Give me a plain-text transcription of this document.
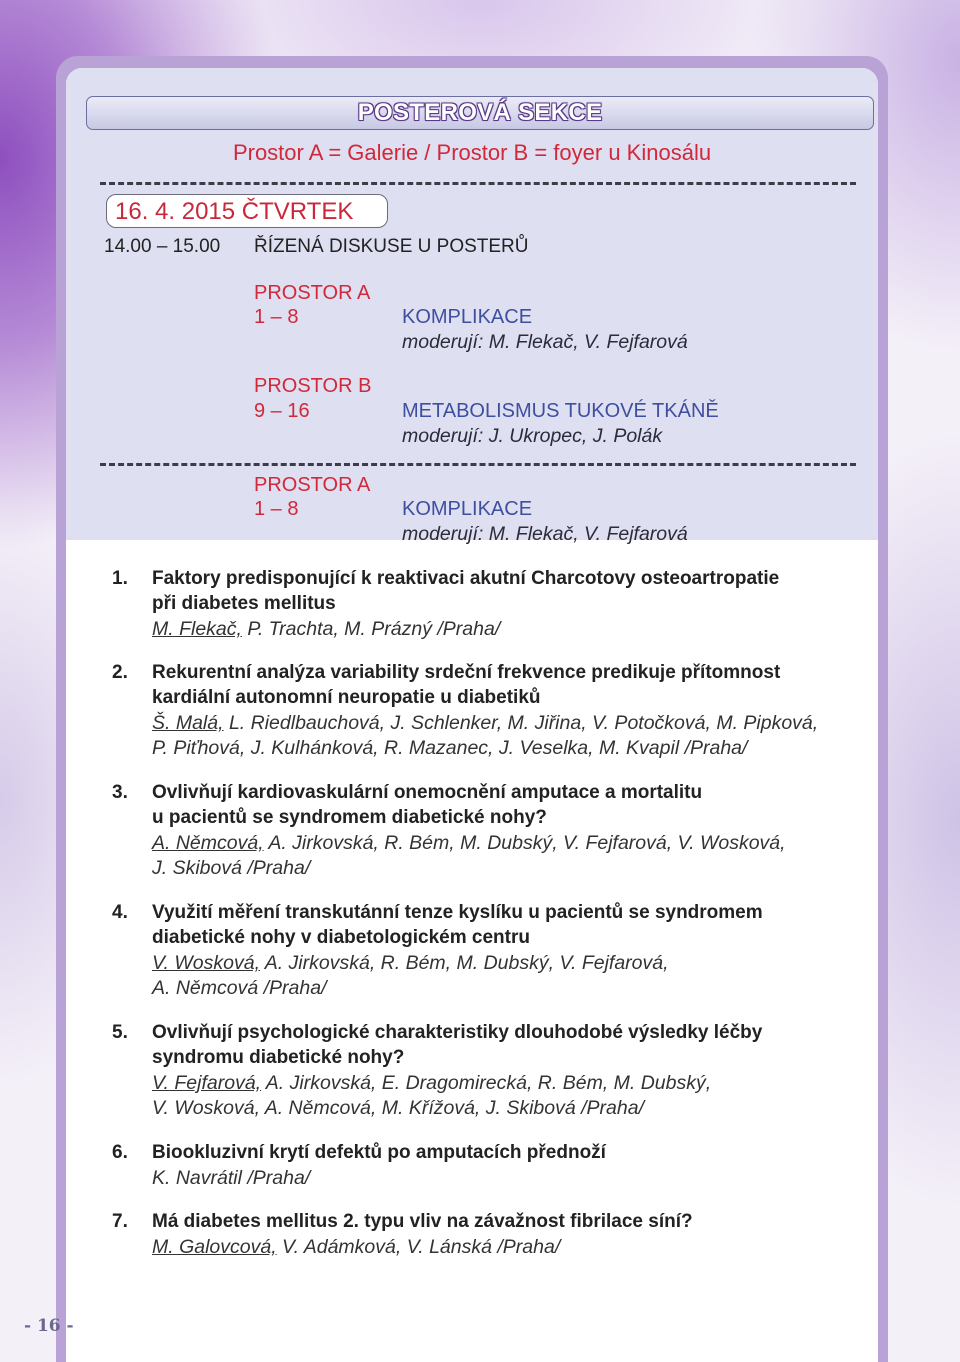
POSTEROVÁ SEKCE
Prostor A = Galerie / Prostor B = foyer u Kinosálu
16. 4. 2015 ČTVRTEK
14.00 – 15.00 ŘÍZENÁ DISKUSE U POSTERŮ
PROSTOR A
1 – 8	KOMPLIKACE
moderují: M. Flekač, V. Fejfarová
PROSTOR B
9 – 16	METABOLISMUS TUKOVÉ TKÁNĚ
moderují: J. Ukropec, J. Polák
PROSTOR A
1 – 8	KOMPLIKACE
moderují: M. Flekač, V. Fejfarová
1. Faktory predisponující k reaktivaci akutní Charcotovy osteoartropatie
při diabetes mellitus
M. Flekač, P. Trachta, M. Prázný /Praha/
2. Rekurentní analýza variability srdeční frekvence predikuje přítomnost
kardiální autonomní neuropatie u diabetiků
Š. Malá, L. Riedlbauchová, J. Schlenker, M. Jiřina, V. Potočková, M. Pipková,
P. Piťhová, J. Kulhánková, R. Mazanec, J. Veselka, M. Kvapil /Praha/
3. Ovlivňují kardiovaskulární onemocnění amputace a mortalitu
u pacientů se syndromem diabetické nohy?
A. Němcová, A. Jirkovská, R. Bém, M. Dubský, V. Fejfarová, V. Wosková,
J. Skibová /Praha/
4. Využití měření transkutánní tenze kyslíku u pacientů se syndromem
diabetické nohy v diabetologickém centru
V. Wosková, A. Jirkovská, R. Bém, M. Dubský, V. Fejfarová,
A. Němcová /Praha/
5. Ovlivňují psychologické charakteristiky dlouhodobé výsledky léčby
syndromu diabetické nohy?
V. Fejfarová, A. Jirkovská, E. Dragomirecká, R. Bém, M. Dubský,
V. Wosková, A. Němcová, M. Křížová, J. Skibová /Praha/
6. Biookluzivní krytí defektů po amputacích přednoží
K. Navrátil /Praha/
7. Má diabetes mellitus 2. typu vliv na závažnost fibrilace síní?
M. Galovcová, V. Adámková, V. Lánská /Praha/
- 16 -
